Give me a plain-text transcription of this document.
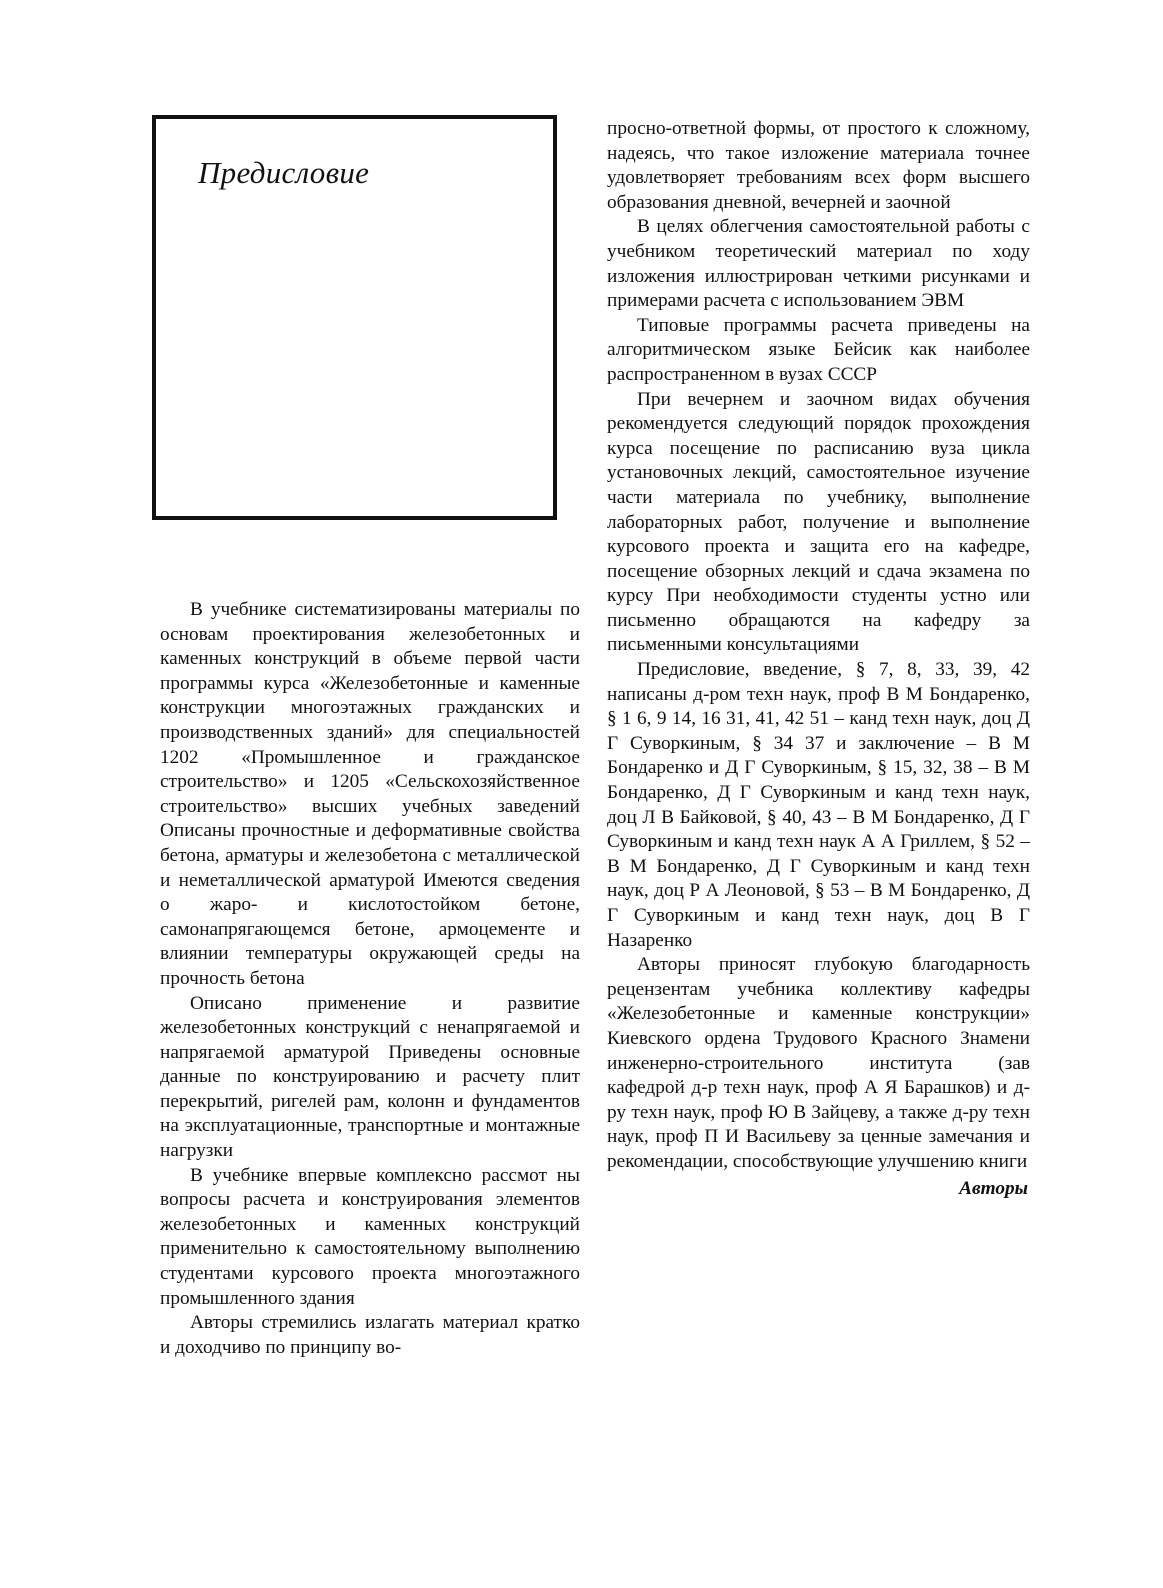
Предисловие

В учебнике систематизированы материалы по основам проектирования железобетонных и каменных конструкций в объеме первой части программы курса «Железобетонные и каменные конструкции многоэтажных гражданских и производственных зданий» для специальностей 1202 «Промышленное и гражданское строительство» и 1205 «Сельскохозяйственное строительство» высших учебных заведений Описаны прочностные и деформативные свойства бетона, арматуры и железобетона с металлической и неметаллической арматурой Имеются сведения о жаро- и кислотостойком бетоне, самонапрягающемся бетоне, армоцементе и влиянии температуры окружающей среды на прочность бетона

Описано применение и развитие железобетонных конструкций с ненапрягаемой и напрягаемой арматурой Приведены основные данные по конструированию и расчету плит перекрытий, ригелей рам, колонн и фундаментов на эксплуатационные, транспортные и монтажные нагрузки

В учебнике впервые комплексно рассмот ны вопросы расчета и конструирования элементов железобетонных и каменных конструкций применительно к самостоятельному выполнению студентами курсового проекта многоэтажного промышленного здания

Авторы стремились излагать материал кратко и доходчиво по принципу во-

просно-ответной формы, от простого к сложному, надеясь, что такое изложение материала точнее удовлетворяет требованиям всех форм высшего образования дневной, вечерней и заочной

В целях облегчения самостоятельной работы с учебником теоретический материал по ходу изложения иллюстрирован четкими рисунками и примерами расчета с использованием ЭВМ

Типовые программы расчета приведены на алгоритмическом языке Бейсик как наиболее распространенном в вузах СССР

При вечернем и заочном видах обучения рекомендуется следующий порядок прохождения курса посещение по расписанию вуза цикла установочных лекций, самостоятельное изучение части материала по учебнику, выполнение лабораторных работ, получение и выполнение курсового проекта и защита его на кафедре, посещение обзорных лекций и сдача экзамена по курсу При необходимости студенты устно или письменно обращаются на кафедру за письменными консультациями

Предисловие, введение, § 7, 8, 33, 39, 42 написаны д-ром техн наук, проф В М Бондаренко, § 1 6, 9 14, 16 31, 41, 42 51 – канд техн наук, доц Д Г Суворкиным, § 34 37 и заключение – В М Бондаренко и Д Г Суворкиным, § 15, 32, 38 – В М Бондаренко, Д Г Суворкиным и канд техн наук, доц Л В Байковой, § 40, 43 – В М Бондаренко, Д Г Суворкиным и канд техн наук А А Гриллем, § 52 – В М Бондаренко, Д Г Суворкиным и канд техн наук, доц Р А Леоновой, § 53 – В М Бондаренко, Д Г Суворкиным и канд техн наук, доц В Г Назаренко

Авторы приносят глубокую благодарность рецензентам учебника коллективу кафедры «Железобетонные и каменные конструкции» Киевского ордена Трудового Красного Знамени инженерно-строительного института (зав кафедрой д-р техн наук, проф А Я Барашков) и д-ру техн наук, проф Ю В Зайцеву, а также д-ру техн наук, проф П И Васильеву за ценные замечания и рекомендации, способствующие улучшению книги

Авторы
